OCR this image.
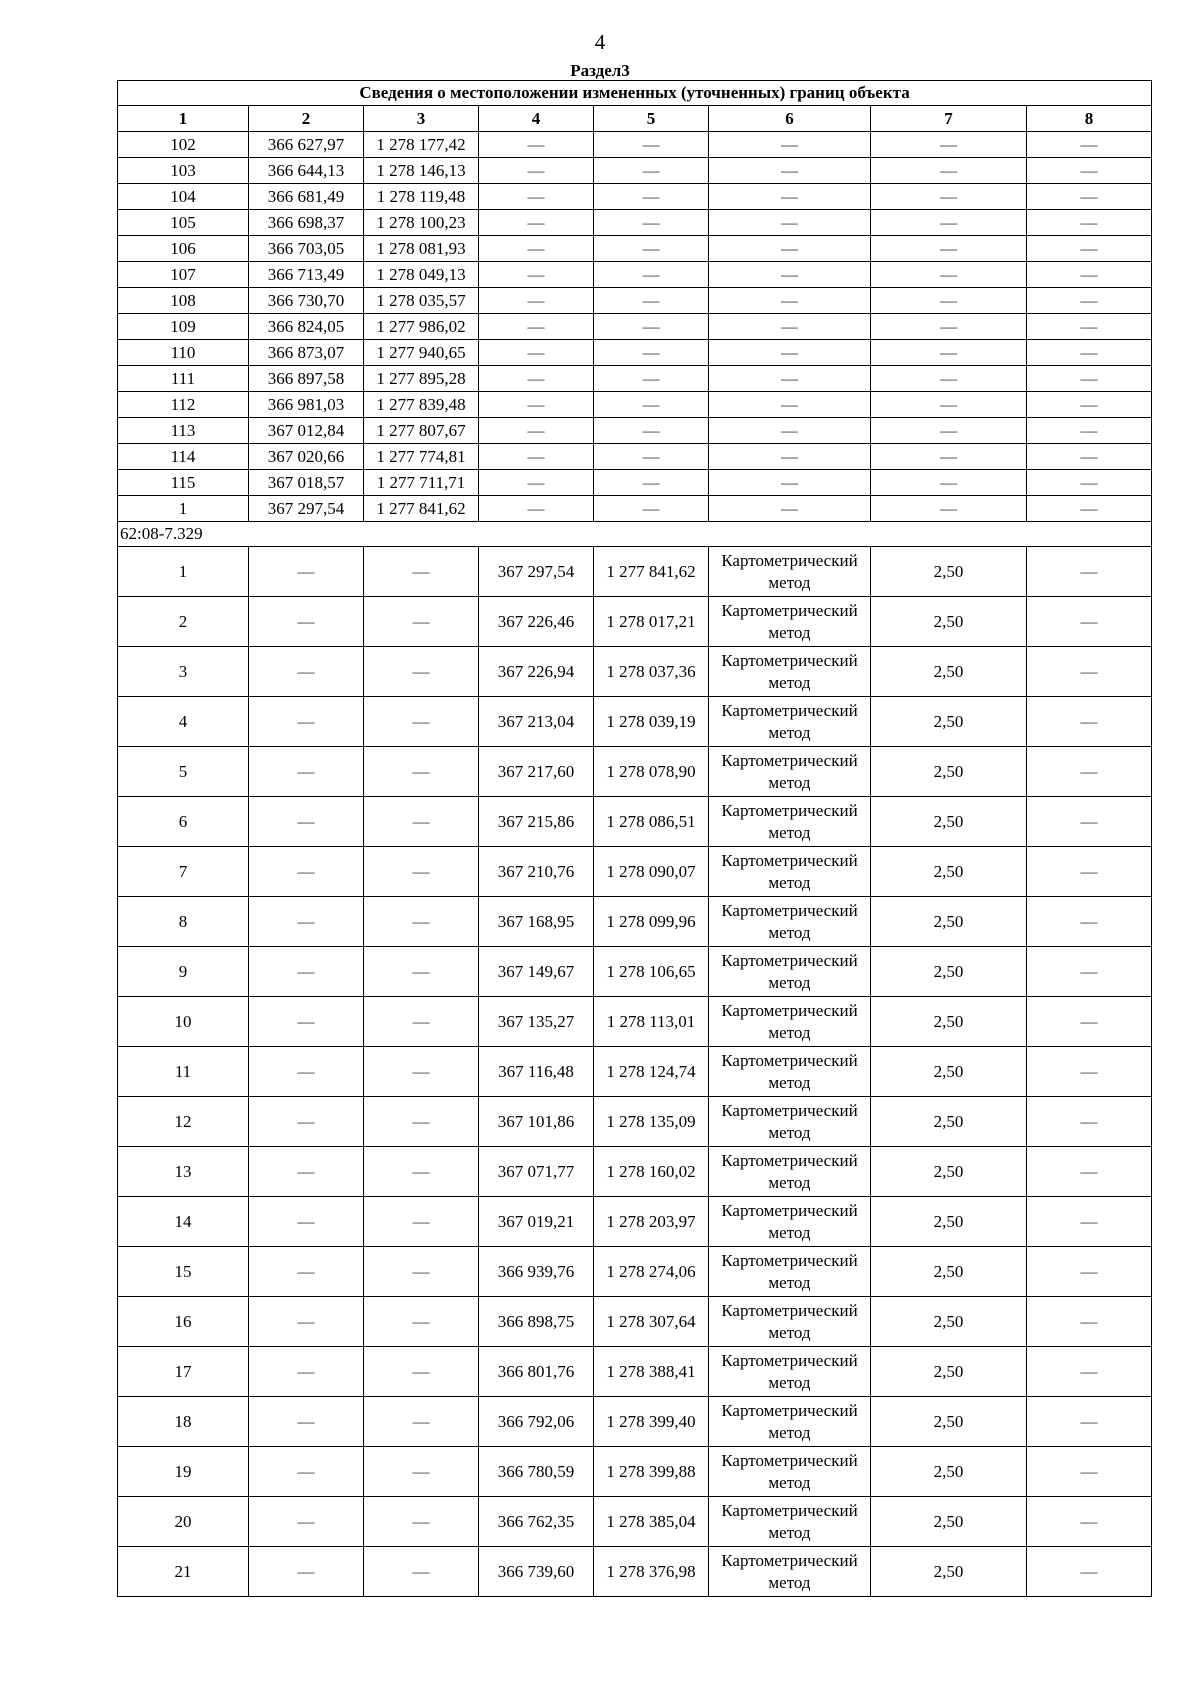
4
Раздел3
Сведения о местоположении измененных (уточненных) границ объекта							
1	2	3	4	5	6	7	8
102	366 627,97	1 278 177,42	—	—	—	—	—
103	366 644,13	1 278 146,13	—	—	—	—	—
104	366 681,49	1 278 119,48	—	—	—	—	—
105	366 698,37	1 278 100,23	—	—	—	—	—
106	366 703,05	1 278 081,93	—	—	—	—	—
107	366 713,49	1 278 049,13	—	—	—	—	—
108	366 730,70	1 278 035,57	—	—	—	—	—
109	366 824,05	1 277 986,02	—	—	—	—	—
110	366 873,07	1 277 940,65	—	—	—	—	—
111	366 897,58	1 277 895,28	—	—	—	—	—
112	366 981,03	1 277 839,48	—	—	—	—	—
113	367 012,84	1 277 807,67	—	—	—	—	—
114	367 020,66	1 277 774,81	—	—	—	—	—
115	367 018,57	1 277 711,71	—	—	—	—	—
1	367 297,54	1 277 841,62	—	—	—	—	—
62:08-7.329							
1	—	—	367 297,54	1 277 841,62	Картометрический метод	2,50	—
2	—	—	367 226,46	1 278 017,21	Картометрический метод	2,50	—
3	—	—	367 226,94	1 278 037,36	Картометрический метод	2,50	—
4	—	—	367 213,04	1 278 039,19	Картометрический метод	2,50	—
5	—	—	367 217,60	1 278 078,90	Картометрический метод	2,50	—
6	—	—	367 215,86	1 278 086,51	Картометрический метод	2,50	—
7	—	—	367 210,76	1 278 090,07	Картометрический метод	2,50	—
8	—	—	367 168,95	1 278 099,96	Картометрический метод	2,50	—
9	—	—	367 149,67	1 278 106,65	Картометрический метод	2,50	—
10	—	—	367 135,27	1 278 113,01	Картометрический метод	2,50	—
11	—	—	367 116,48	1 278 124,74	Картометрический метод	2,50	—
12	—	—	367 101,86	1 278 135,09	Картометрический метод	2,50	—
13	—	—	367 071,77	1 278 160,02	Картометрический метод	2,50	—
14	—	—	367 019,21	1 278 203,97	Картометрический метод	2,50	—
15	—	—	366 939,76	1 278 274,06	Картометрический метод	2,50	—
16	—	—	366 898,75	1 278 307,64	Картометрический метод	2,50	—
17	—	—	366 801,76	1 278 388,41	Картометрический метод	2,50	—
18	—	—	366 792,06	1 278 399,40	Картометрический метод	2,50	—
19	—	—	366 780,59	1 278 399,88	Картометрический метод	2,50	—
20	—	—	366 762,35	1 278 385,04	Картометрический метод	2,50	—
21	—	—	366 739,60	1 278 376,98	Картометрический метод	2,50	—
